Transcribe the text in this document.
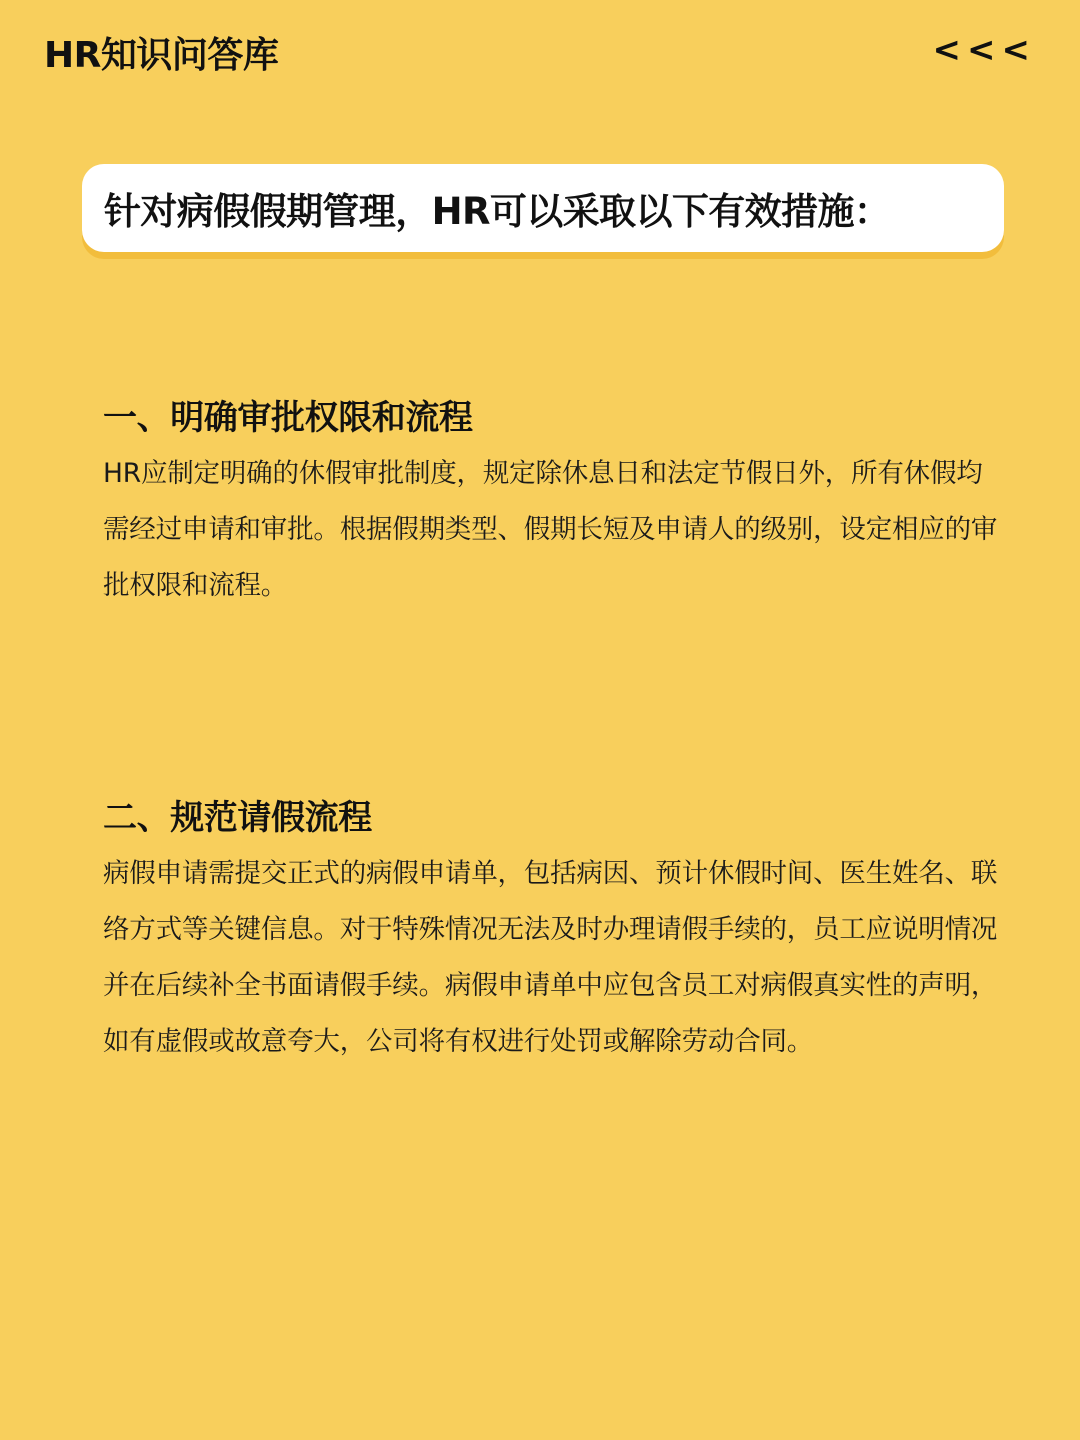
HR知识问答库	<<<
针对病假假期管理，HR可以采取以下有效措施：
一、明确审批权限和流程

HR应制定明确的休假审批制度，规定除休息日和法定节假日外，所有休假均需经过申请和审批。根据假期类型、假期长短及申请人的级别，设定相应的审批权限和流程。

二、规范请假流程

病假申请需提交正式的病假申请单，包括病因、预计休假时间、医生姓名、联络方式等关键信息。对于特殊情况无法及时办理请假手续的，员工应说明情况并在后续补全书面请假手续。病假申请单中应包含员工对病假真实性的声明，如有虚假或故意夸大，公司将有权进行处罚或解除劳动合同。
